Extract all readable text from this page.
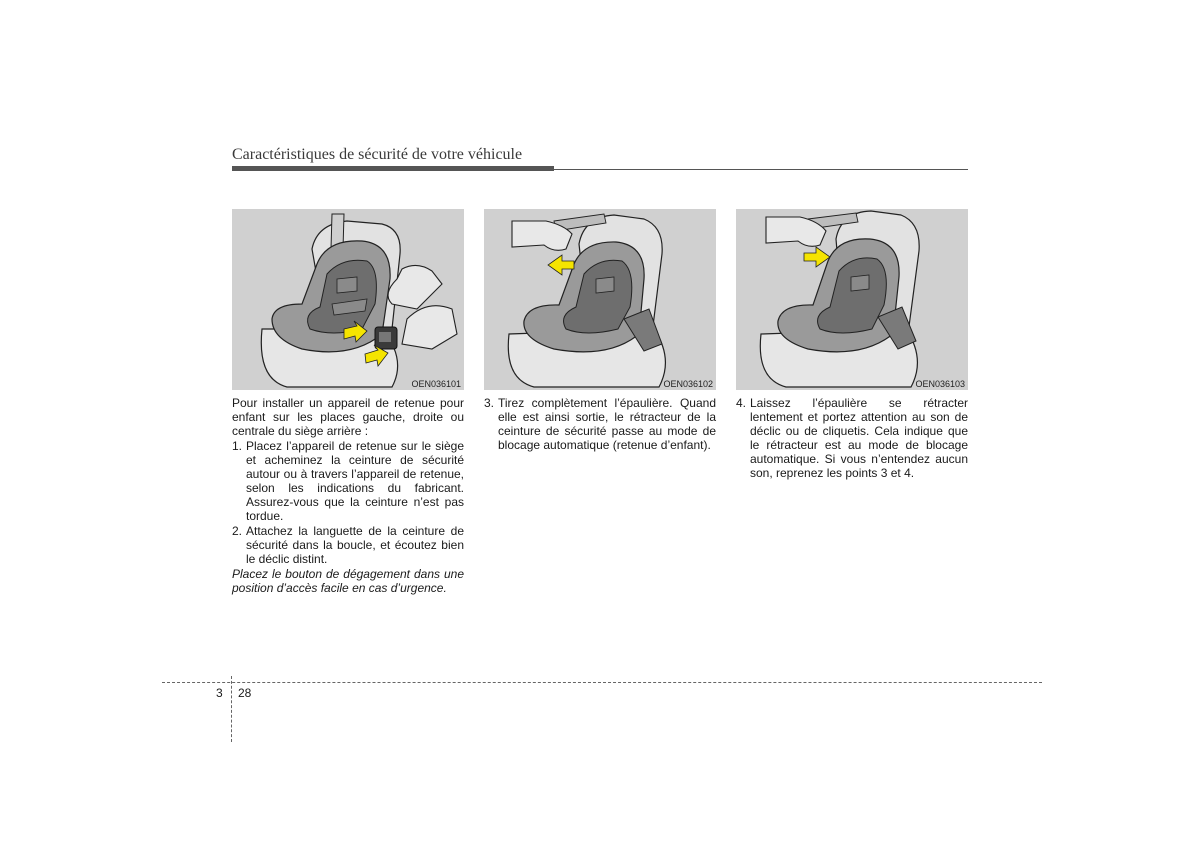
Caractéristiques de sécurité de votre véhicule
OEN036101	OEN036102	OEN036103

Pour installer un appareil de retenue pour enfant sur les places gauche, droite ou centrale du siège arrière :

1. Placez l’appareil de retenue sur le siège et acheminez la ceinture de sécurité autour ou à travers l’appareil de retenue, selon les indications du fabricant. Assurez-vous que la ceinture n’est pas tordue.
2. Attachez la languette de la ceinture de sécurité dans la boucle, et écoutez bien le déclic distint.

Placez le bouton de dégagement dans une position d’accès facile en cas d’urgence.

3. Tirez complètement l’épaulière. Quand elle est ainsi sortie, le rétracteur de la ceinture de sécurité passe au mode de blocage automatique (retenue d’enfant).
4. Laissez l’épaulière se rétracter lentement et portez attention au son de déclic ou de cliquetis. Cela indique que le rétracteur est au mode de blocage automatique. Si vous n’entendez aucun son, reprenez les points 3 et 4.
3 28
